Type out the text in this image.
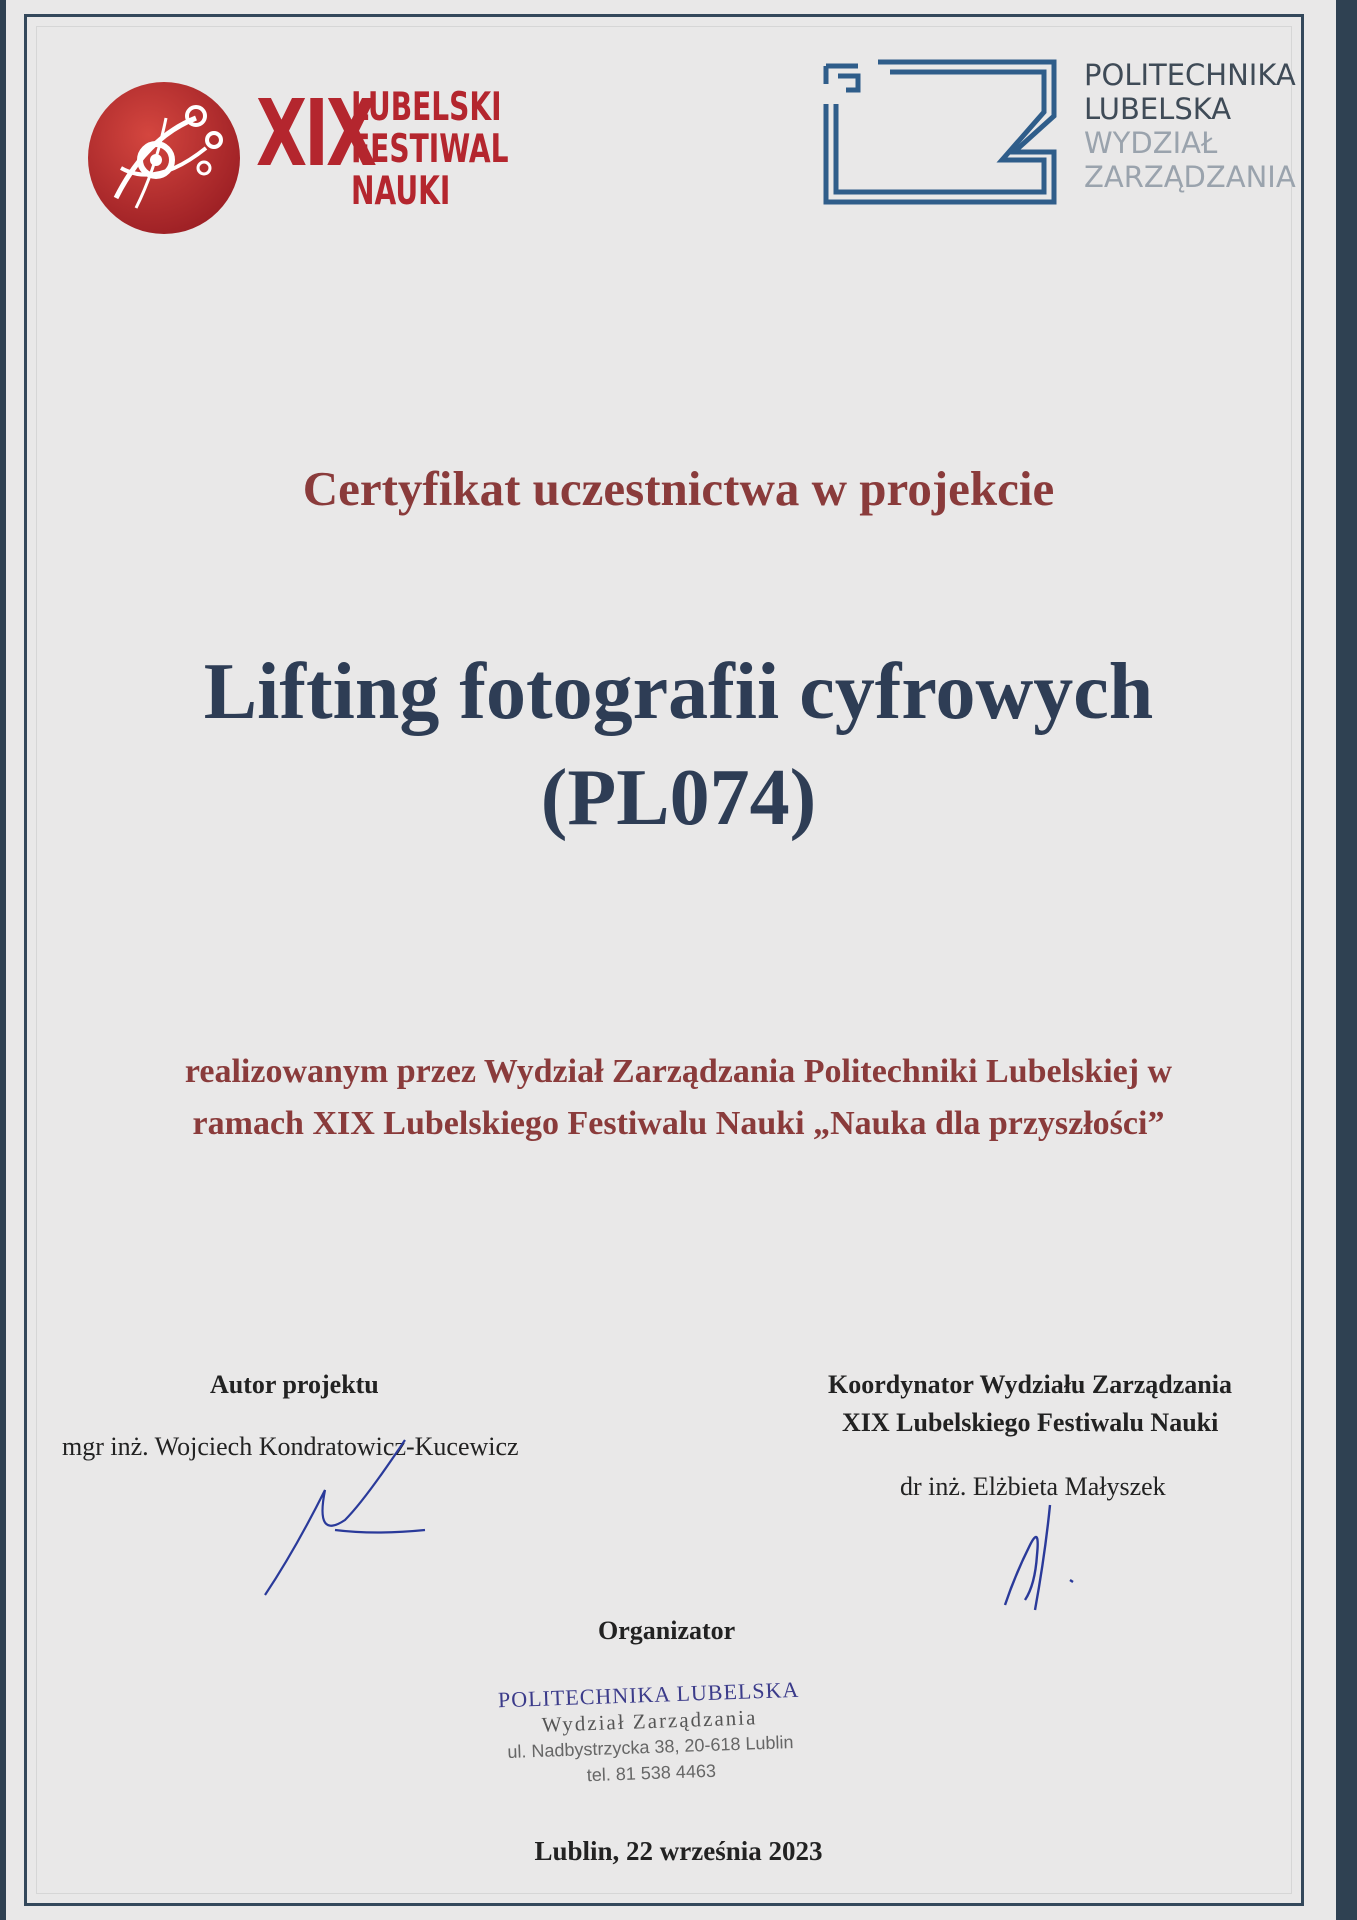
XIX
LUBELSKI
FESTIWAL
NAUKI
POLITECHNIKA
LUBELSKA
WYDZIAŁ
ZARZĄDZANIA
Certyfikat uczestnictwa w projekcie
Lifting fotografii cyfrowych
(PL074)
realizowanym przez Wydział Zarządzania Politechniki Lubelskiej w
ramach XIX Lubelskiego Festiwalu Nauki „Nauka dla przyszłości”
Autor projektu
mgr inż. Wojciech Kondratowicz-Kucewicz
Koordynator Wydziału Zarządzania
XIX Lubelskiego Festiwalu Nauki
dr inż. Elżbieta Małyszek
Organizator
POLITECHNIKA LUBELSKA
Wydział Zarządzania
ul. Nadbystrzycka 38, 20-618 Lublin
tel. 81 538 4463
Lublin, 22 września 2023
